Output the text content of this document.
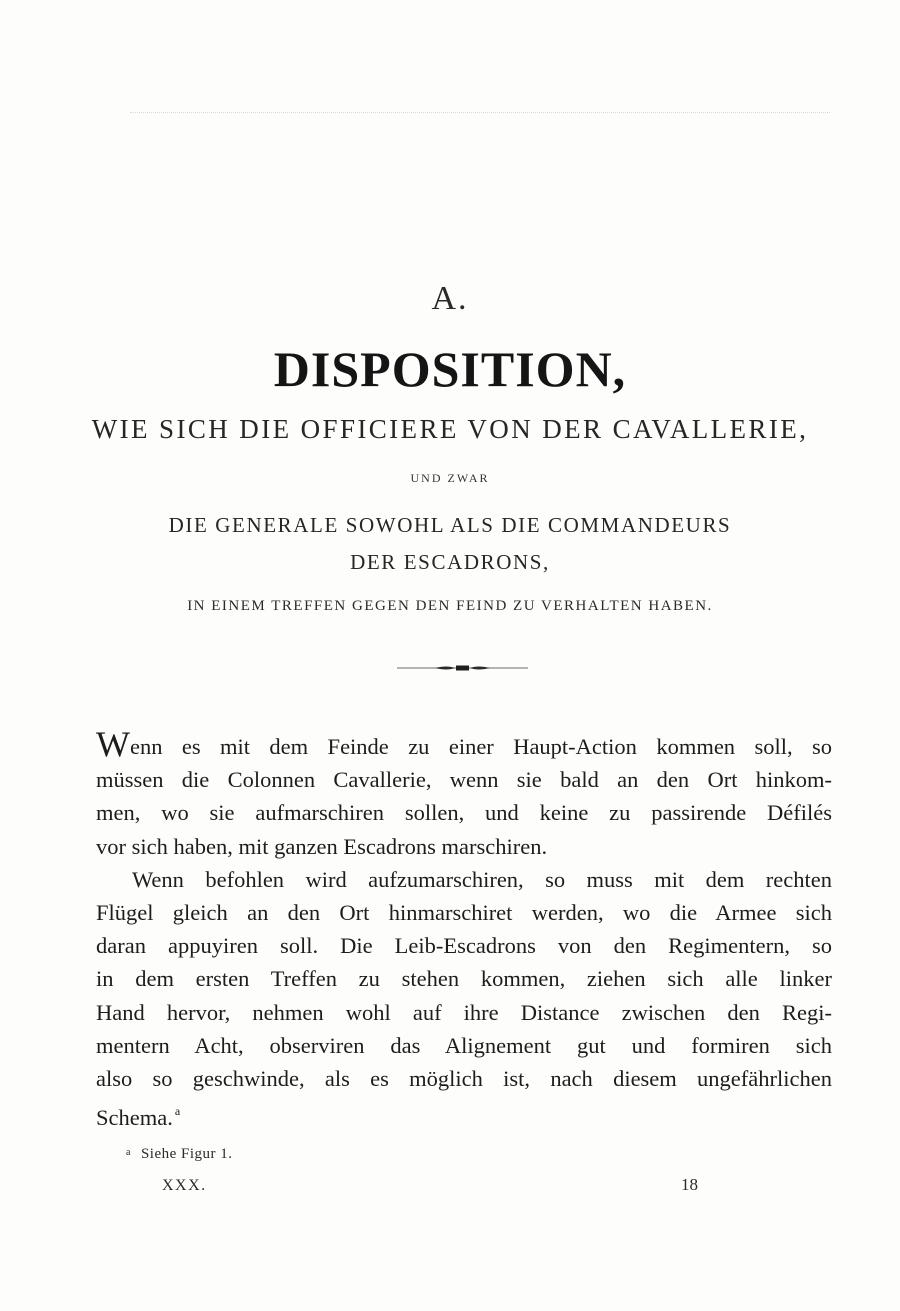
A.
DISPOSITION,
WIE SICH DIE OFFICIERE VON DER CAVALLERIE,
UND ZWAR
DIE GENERALE SOWOHL ALS DIE COMMANDEURS
DER ESCADRONS,
IN EINEM TREFFEN GEGEN DEN FEIND ZU VERHALTEN HABEN.
Wenn es mit dem Feinde zu einer Haupt-Action kommen soll, so
müssen die Colonnen Cavallerie, wenn sie bald an den Ort hinkom-
men, wo sie aufmarschiren sollen, und keine zu passirende Défilés
vor sich haben, mit ganzen Escadrons marschiren.
Wenn befohlen wird aufzumarschiren, so muss mit dem rechten
Flügel gleich an den Ort hinmarschiret werden, wo die Armee sich
daran appuyiren soll. Die Leib-Escadrons von den Regimentern, so
in dem ersten Treffen zu stehen kommen, ziehen sich alle linker
Hand hervor, nehmen wohl auf ihre Distance zwischen den Regi-
mentern Acht, observiren das Alignement gut und formiren sich
also so geschwinde, als es möglich ist, nach diesem ungefährlichen
Schema. $^a$
$^a$ Siehe Figur 1.
XXX.	18
